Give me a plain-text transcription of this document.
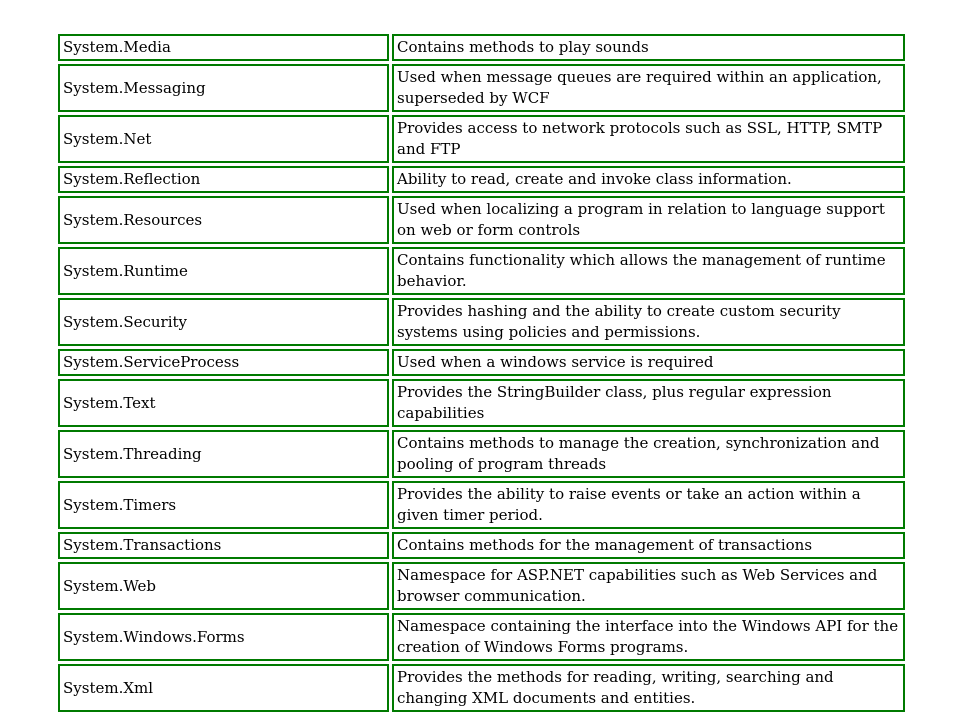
System.Media	Contains methods to play sounds
System.Messaging	Used when message queues are required within an application, superseded by WCF
System.Net	Provides access to network protocols such as SSL, HTTP, SMTP and FTP
System.Reflection	Ability to read, create and invoke class information.
System.Resources	Used when localizing a program in relation to language support on web or form controls
System.Runtime	Contains functionality which allows the management of runtime behavior.
System.Security	Provides hashing and the ability to create custom security systems using policies and permissions.
System.ServiceProcess	Used when a windows service is required
System.Text	Provides the StringBuilder class, plus regular expression capabilities
System.Threading	Contains methods to manage the creation, synchronization and pooling of program threads
System.Timers	Provides the ability to raise events or take an action within a given timer period.
System.Transactions	Contains methods for the management of transactions
System.Web	Namespace for ASP.NET capabilities such as Web Services and browser communication.
System.Windows.Forms	Namespace containing the interface into the Windows API for the creation of Windows Forms programs.
System.Xml	Provides the methods for reading, writing, searching and changing XML documents and entities.
